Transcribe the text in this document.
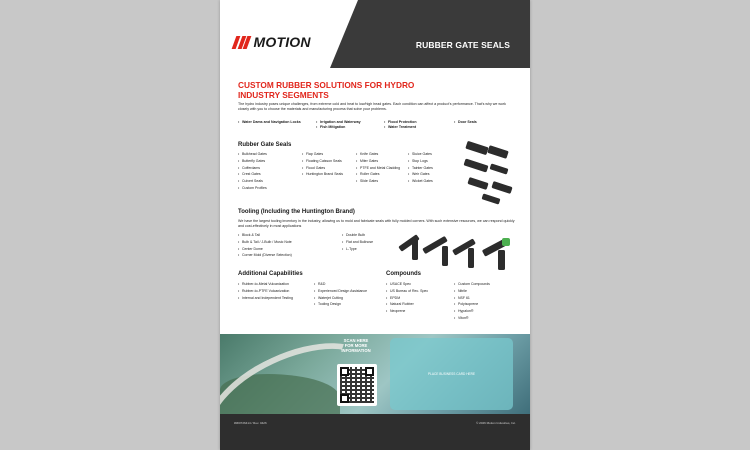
MOTION	RUBBER GATE SEALS
CUSTOM RUBBER SOLUTIONS FOR HYDRO
INDUSTRY SEGMENTS
The hydro industry poses unique challenges, from extreme cold and heat to low/high head gates. Each condition can affect a product's performance. That's why we work closely with you to choose the materials and manufacturing process that solve your problems.
• Water Dams and Navigation Locks
•	Irrigation and Waterway
• Fish Mitigation
• Flood Protection
• Water Treatment
• Door Seals
Rubber Gate Seals
• Bulkhead Gates
• Butterfly Gates
• Cofferdams
• Crest Gates
• Culvert Seals
• Custom Profiles
• Flap Gates
• Floating Caisson Seals
• Flood Gates
• Huntington Brand Seals
• Knife Gates
• Miter Gates
• PTFE and Metal Cladding
• Roller Gates
• Slide Gates
• Sluice Gates
• Stop Logs
• Tainter Gates
• Weir Gates
• Wicket Gates
Tooling (Including the Huntington Brand)
We have the largest tooling inventory in the industry, allowing us to mold and fabricate seals with fully molded corners. With such extensive resources, we can respond quickly and cost-effectively in most applications
• Block & Tail
• Bulb & Tail / J-Bulb / Music Note
• Center Dome
• Corner Mold (Diverse Selection)
• Double Bulb
• Flat and Bullnose
• L-Type
Additional Capabilities
• Rubber-to-Metal Vulcanization
• Rubber-to-PTFE Vulcanization
• Internal and Independent Testing
• R&D
• Experienced Design Assistance
• Waterjet Cutting
• Tooling Design
Compounds
• USACE Spec
• US Bureau of Rec. Spec
• EPDM
• Natural Rubber
• Neoprene
• Custom Compounds
• Nitrile
• NSF 61
• Polyisoprene
• Hypalon®
• Viton®
SCAN HERE
FOR MORE
INFORMATION
PLACE BUSINESS CARD HERE
#MI0726414 / Rev. 0426	© 2026 Motion Industries, Inc.
